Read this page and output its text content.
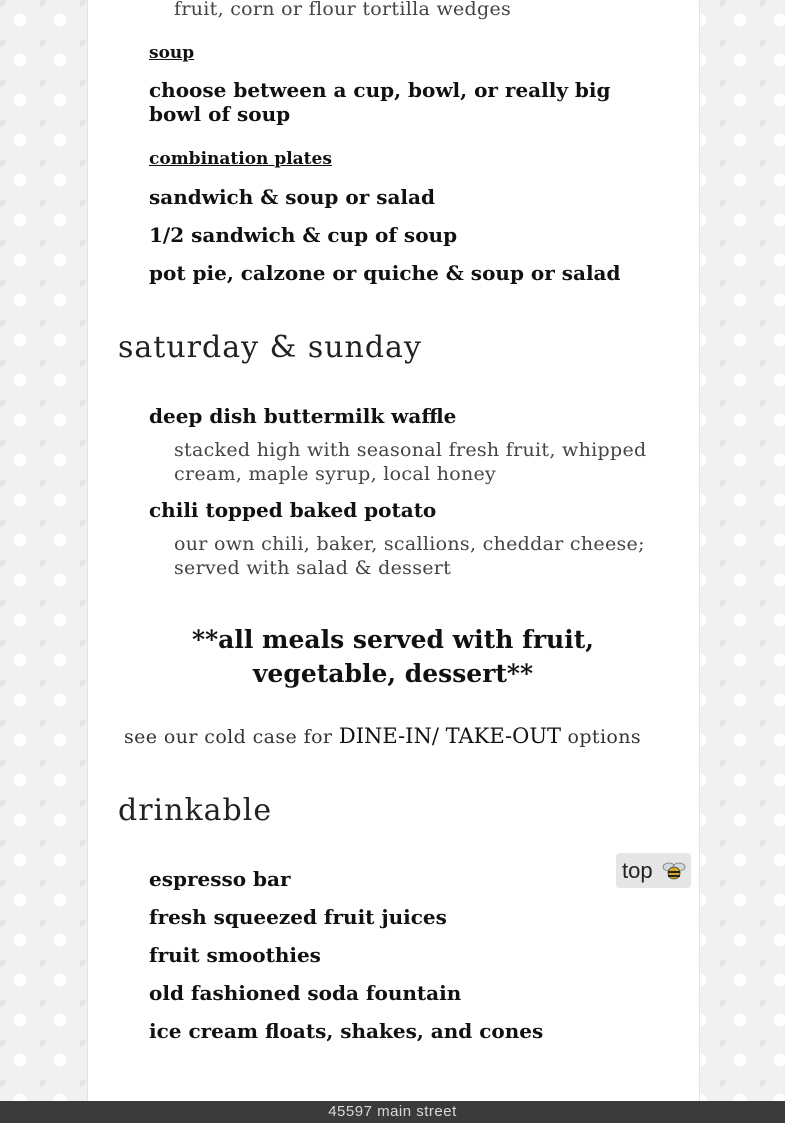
fruit, corn or flour tortilla wedges

soup

choose between a cup, bowl, or really big bowl of soup

combination plates

sandwich & soup or salad

1/2 sandwich & cup of soup

pot pie, calzone or quiche & soup or salad

saturday & sunday

deep dish buttermilk waffle

stacked high with seasonal fresh fruit, whipped cream, maple syrup, local honey

chili topped baked potato

our own chili, baker, scallions, cheddar cheese; served with salad & dessert

**all meals served with fruit, vegetable, dessert**

see our cold case for DINE-IN/ TAKE-OUT options

drinkable

espresso bar

fresh squeezed fruit juices

fruit smoothies

old fashioned soda fountain

ice cream floats, shakes, and cones

top
45597 main street
